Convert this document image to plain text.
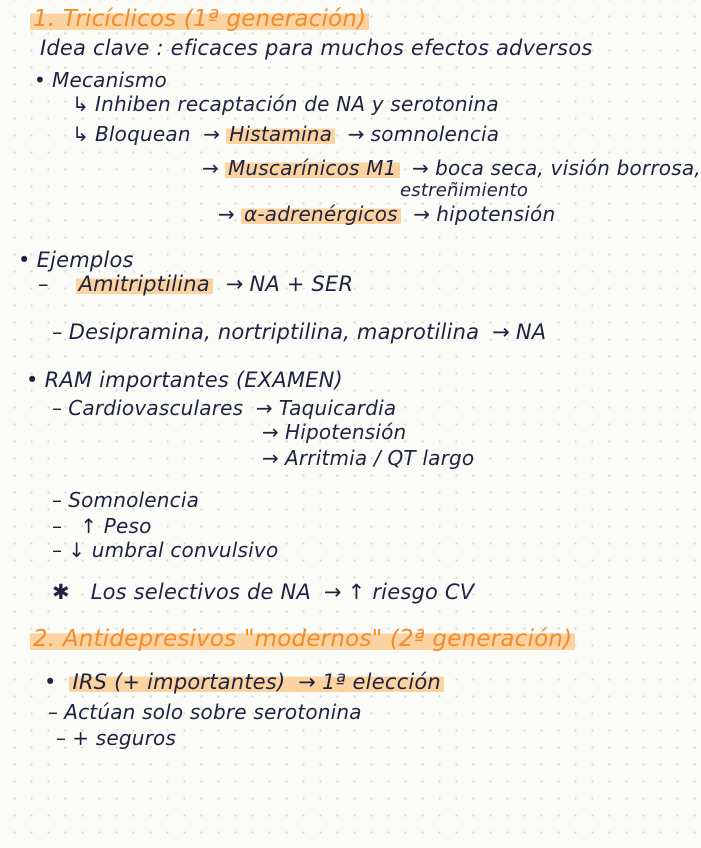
1. Tricíclicos (1ª generación)
Idea clave : eficaces para muchos efectos adversos
• Mecanismo
↳ Inhiben recaptación de NA y serotonina
↳ Bloquean → Histamina → somnolencia
→ Muscarínicos M1 → boca seca, visión borrosa,
estreñimiento
→ α-adrenérgicos → hipotensión
• Ejemplos
– Amitriptilina → NA + SER
– Desipramina, nortriptilina, maprotilina → NA
• RAM importantes (EXAMEN)
– Cardiovasculares → Taquicardia
→ Hipotensión
→ Arritmia / QT largo
– Somnolencia
– ↑ Peso
– ↓ umbral convulsivo
✱ Los selectivos de NA → ↑ riesgo CV
2. Antidepresivos "modernos" (2ª generación)
• IRS (+ importantes) → 1ª elección
– Actúan solo sobre serotonina
– + seguros
